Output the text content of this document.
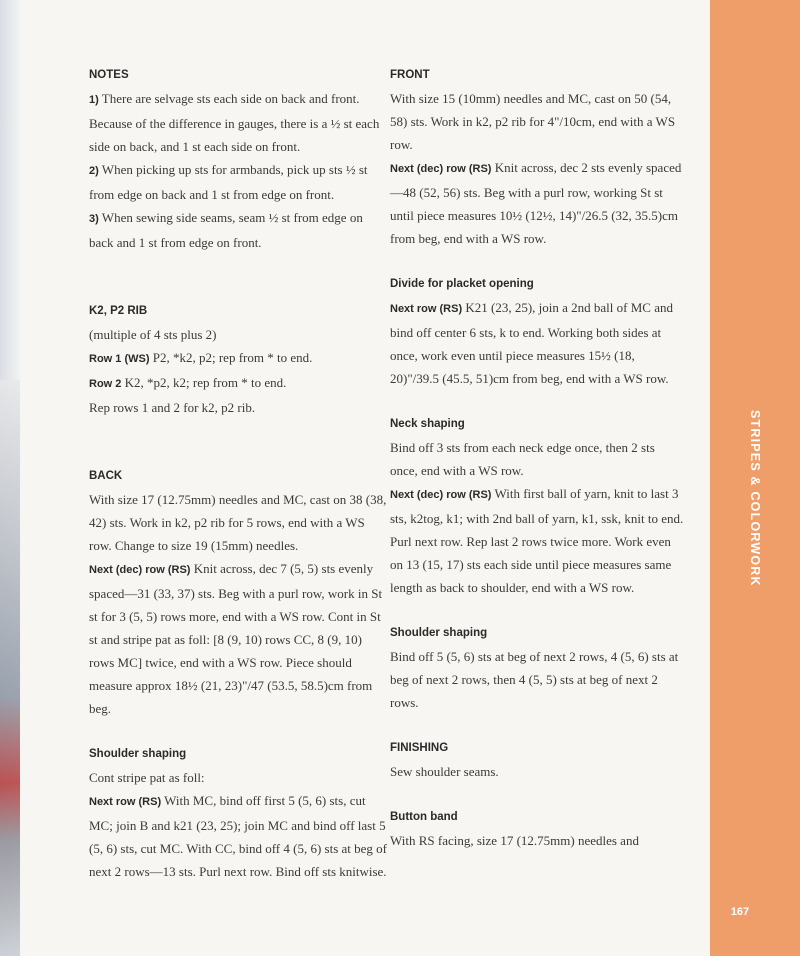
STRIPES & COLORWORK
167
NOTES

1) There are selvage sts each side on back and front. Because of the difference in gauges, there is a ½ st each side on back, and 1 st each side on front.

2) When picking up sts for armbands, pick up sts ½ st from edge on back and 1 st from edge on front.

3) When sewing side seams, seam ½ st from edge on back and 1 st from edge on front.

K2, P2 RIB

(multiple of 4 sts plus 2)

Row 1 (WS) P2, *k2, p2; rep from * to end.

Row 2 K2, *p2, k2; rep from * to end.

Rep rows 1 and 2 for k2, p2 rib.

BACK

With size 17 (12.75mm) needles and MC, cast on 38 (38, 42) sts. Work in k2, p2 rib for 5 rows, end with a WS row. Change to size 19 (15mm) needles.

Next (dec) row (RS) Knit across, dec 7 (5, 5) sts evenly spaced—31 (33, 37) sts. Beg with a purl row, work in St st for 3 (5, 5) rows more, end with a WS row. Cont in St st and stripe pat as foll: [8 (9, 10) rows CC, 8 (9, 10) rows MC] twice, end with a WS row. Piece should measure approx 18½ (21, 23)"/47 (53.5, 58.5)cm from beg.

Shoulder shaping

Cont stripe pat as foll:

Next row (RS) With MC, bind off first 5 (5, 6) sts, cut MC; join B and k21 (23, 25); join MC and bind off last 5 (5, 6) sts, cut MC. With CC, bind off 4 (5, 6) sts at beg of next 2 rows—13 sts. Purl next row. Bind off sts knitwise.

FRONT

With size 15 (10mm) needles and MC, cast on 50 (54, 58) sts. Work in k2, p2 rib for 4"/10cm, end with a WS row.

Next (dec) row (RS) Knit across, dec 2 sts evenly spaced—48 (52, 56) sts. Beg with a purl row, working St st until piece measures 10½ (12½, 14)"/26.5 (32, 35.5)cm from beg, end with a WS row.

Divide for placket opening

Next row (RS) K21 (23, 25), join a 2nd ball of MC and bind off center 6 sts, k to end. Working both sides at once, work even until piece measures 15½ (18, 20)"/39.5 (45.5, 51)cm from beg, end with a WS row.

Neck shaping

Bind off 3 sts from each neck edge once, then 2 sts once, end with a WS row.

Next (dec) row (RS) With first ball of yarn, knit to last 3 sts, k2tog, k1; with 2nd ball of yarn, k1, ssk, knit to end. Purl next row. Rep last 2 rows twice more. Work even on 13 (15, 17) sts each side until piece measures same length as back to shoulder, end with a WS row.

Shoulder shaping

Bind off 5 (5, 6) sts at beg of next 2 rows, 4 (5, 6) sts at beg of next 2 rows, then 4 (5, 5) sts at beg of next 2 rows.

FINISHING

Sew shoulder seams.

Button band

With RS facing, size 17 (12.75mm) needles and
